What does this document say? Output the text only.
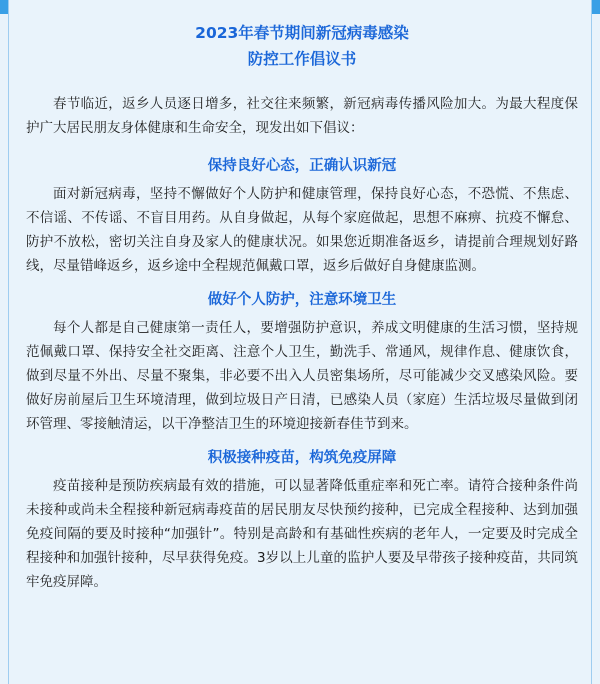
2023年春节期间新冠病毒感染
防控工作倡议书

春节临近，返乡人员逐日增多，社交往来频繁，新冠病毒传播风险加大。为最大程度保护广大居民朋友身体健康和生命安全，现发出如下倡议：

保持良好心态，正确认识新冠

面对新冠病毒，坚持不懈做好个人防护和健康管理，保持良好心态，不恐慌、不焦虑、不信谣、不传谣、不盲目用药。从自身做起，从每个家庭做起，思想不麻痹、抗疫不懈怠、防护不放松，密切关注自身及家人的健康状况。如果您近期准备返乡，请提前合理规划好路线，尽量错峰返乡，返乡途中全程规范佩戴口罩，返乡后做好自身健康监测。

做好个人防护，注意环境卫生

每个人都是自己健康第一责任人，要增强防护意识，养成文明健康的生活习惯，坚持规范佩戴口罩、保持安全社交距离、注意个人卫生，勤洗手、常通风，规律作息、健康饮食，做到尽量不外出、尽量不聚集，非必要不出入人员密集场所，尽可能减少交叉感染风险。要做好房前屋后卫生环境清理，做到垃圾日产日清，已感染人员（家庭）生活垃圾尽量做到闭环管理、零接触清运，以干净整洁卫生的环境迎接新春佳节到来。

积极接种疫苗，构筑免疫屏障

疫苗接种是预防疾病最有效的措施，可以显著降低重症率和死亡率。请符合接种条件尚未接种或尚未全程接种新冠病毒疫苗的居民朋友尽快预约接种，已完成全程接种、达到加强免疫间隔的要及时接种“加强针”。特别是高龄和有基础性疾病的老年人，一定要及时完成全程接种和加强针接种，尽早获得免疫。3岁以上儿童的监护人要及早带孩子接种疫苗，共同筑牢免疫屏障。
